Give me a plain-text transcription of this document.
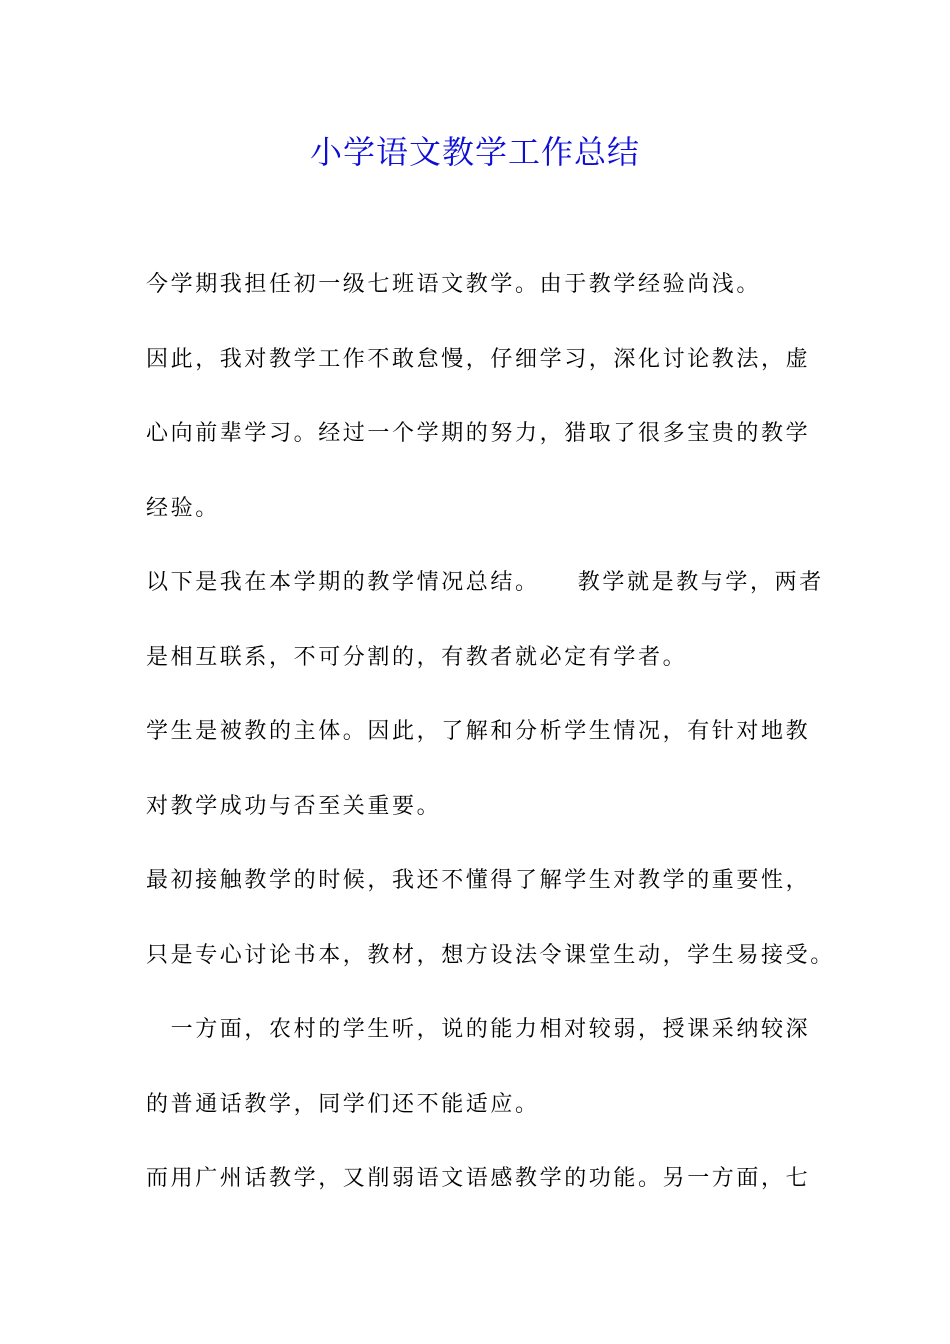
小学语文教学工作总结
今学期我担任初一级七班语文教学。由于教学经验尚浅。
因此，我对教学工作不敢怠慢，仔细学习，深化讨论教法，虚
心向前辈学习。经过一个学期的努力，猎取了很多宝贵的教学
经验。
以下是我在本学期的教学情况总结。　　教学就是教与学，两者
是相互联系，不可分割的，有教者就必定有学者。
学生是被教的主体。因此，了解和分析学生情况，有针对地教
对教学成功与否至关重要。
最初接触教学的时候，我还不懂得了解学生对教学的重要性，
只是专心讨论书本，教材，想方设法令课堂生动，学生易接受。
　一方面，农村的学生听，说的能力相对较弱，授课采纳较深
的普通话教学，同学们还不能适应。
而用广州话教学，又削弱语文语感教学的功能。另一方面，七
